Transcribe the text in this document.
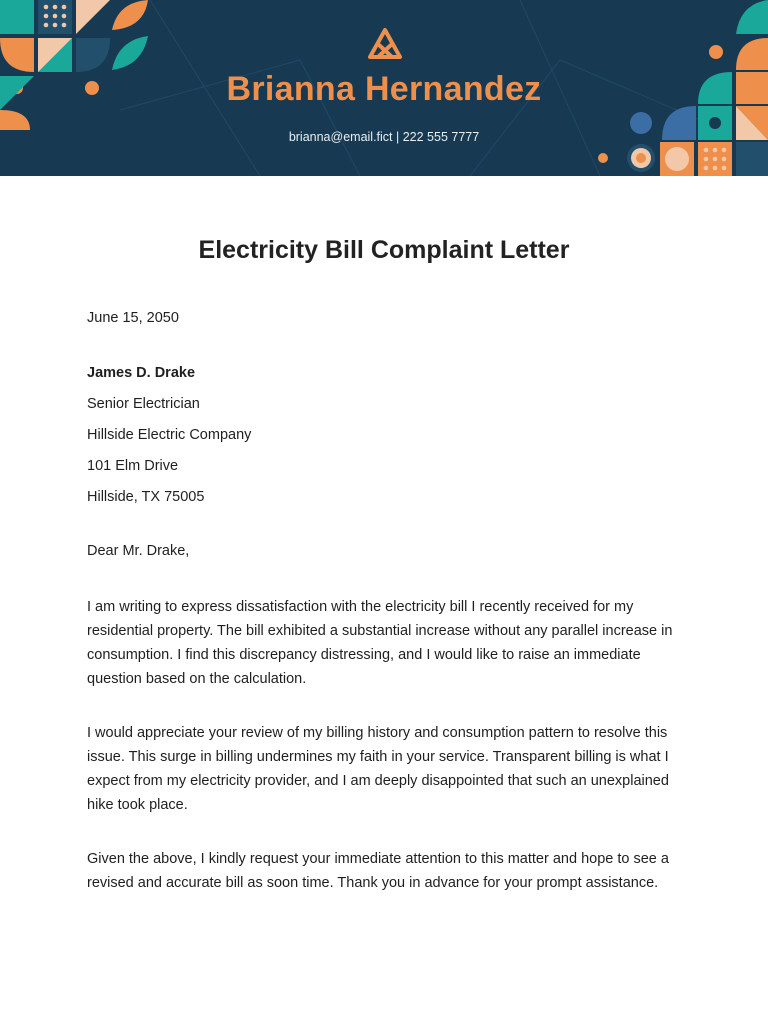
Brianna Hernandez
brianna@email.fict | 222 555 7777
Electricity Bill Complaint Letter
June 15, 2050
James D. Drake
Senior Electrician
Hillside Electric Company
101 Elm Drive
Hillside, TX 75005
Dear Mr. Drake,
I am writing to express dissatisfaction with the electricity bill I recently received for my residential property. The bill exhibited a substantial increase without any parallel increase in consumption. I find this discrepancy distressing, and I would like to raise an immediate question based on the calculation.
I would appreciate your review of my billing history and consumption pattern to resolve this issue. This surge in billing undermines my faith in your service. Transparent billing is what I expect from my electricity provider, and I am deeply disappointed that such an unexplained hike took place.
Given the above, I kindly request your immediate attention to this matter and hope to see a revised and accurate bill as soon time. Thank you in advance for your prompt assistance.
